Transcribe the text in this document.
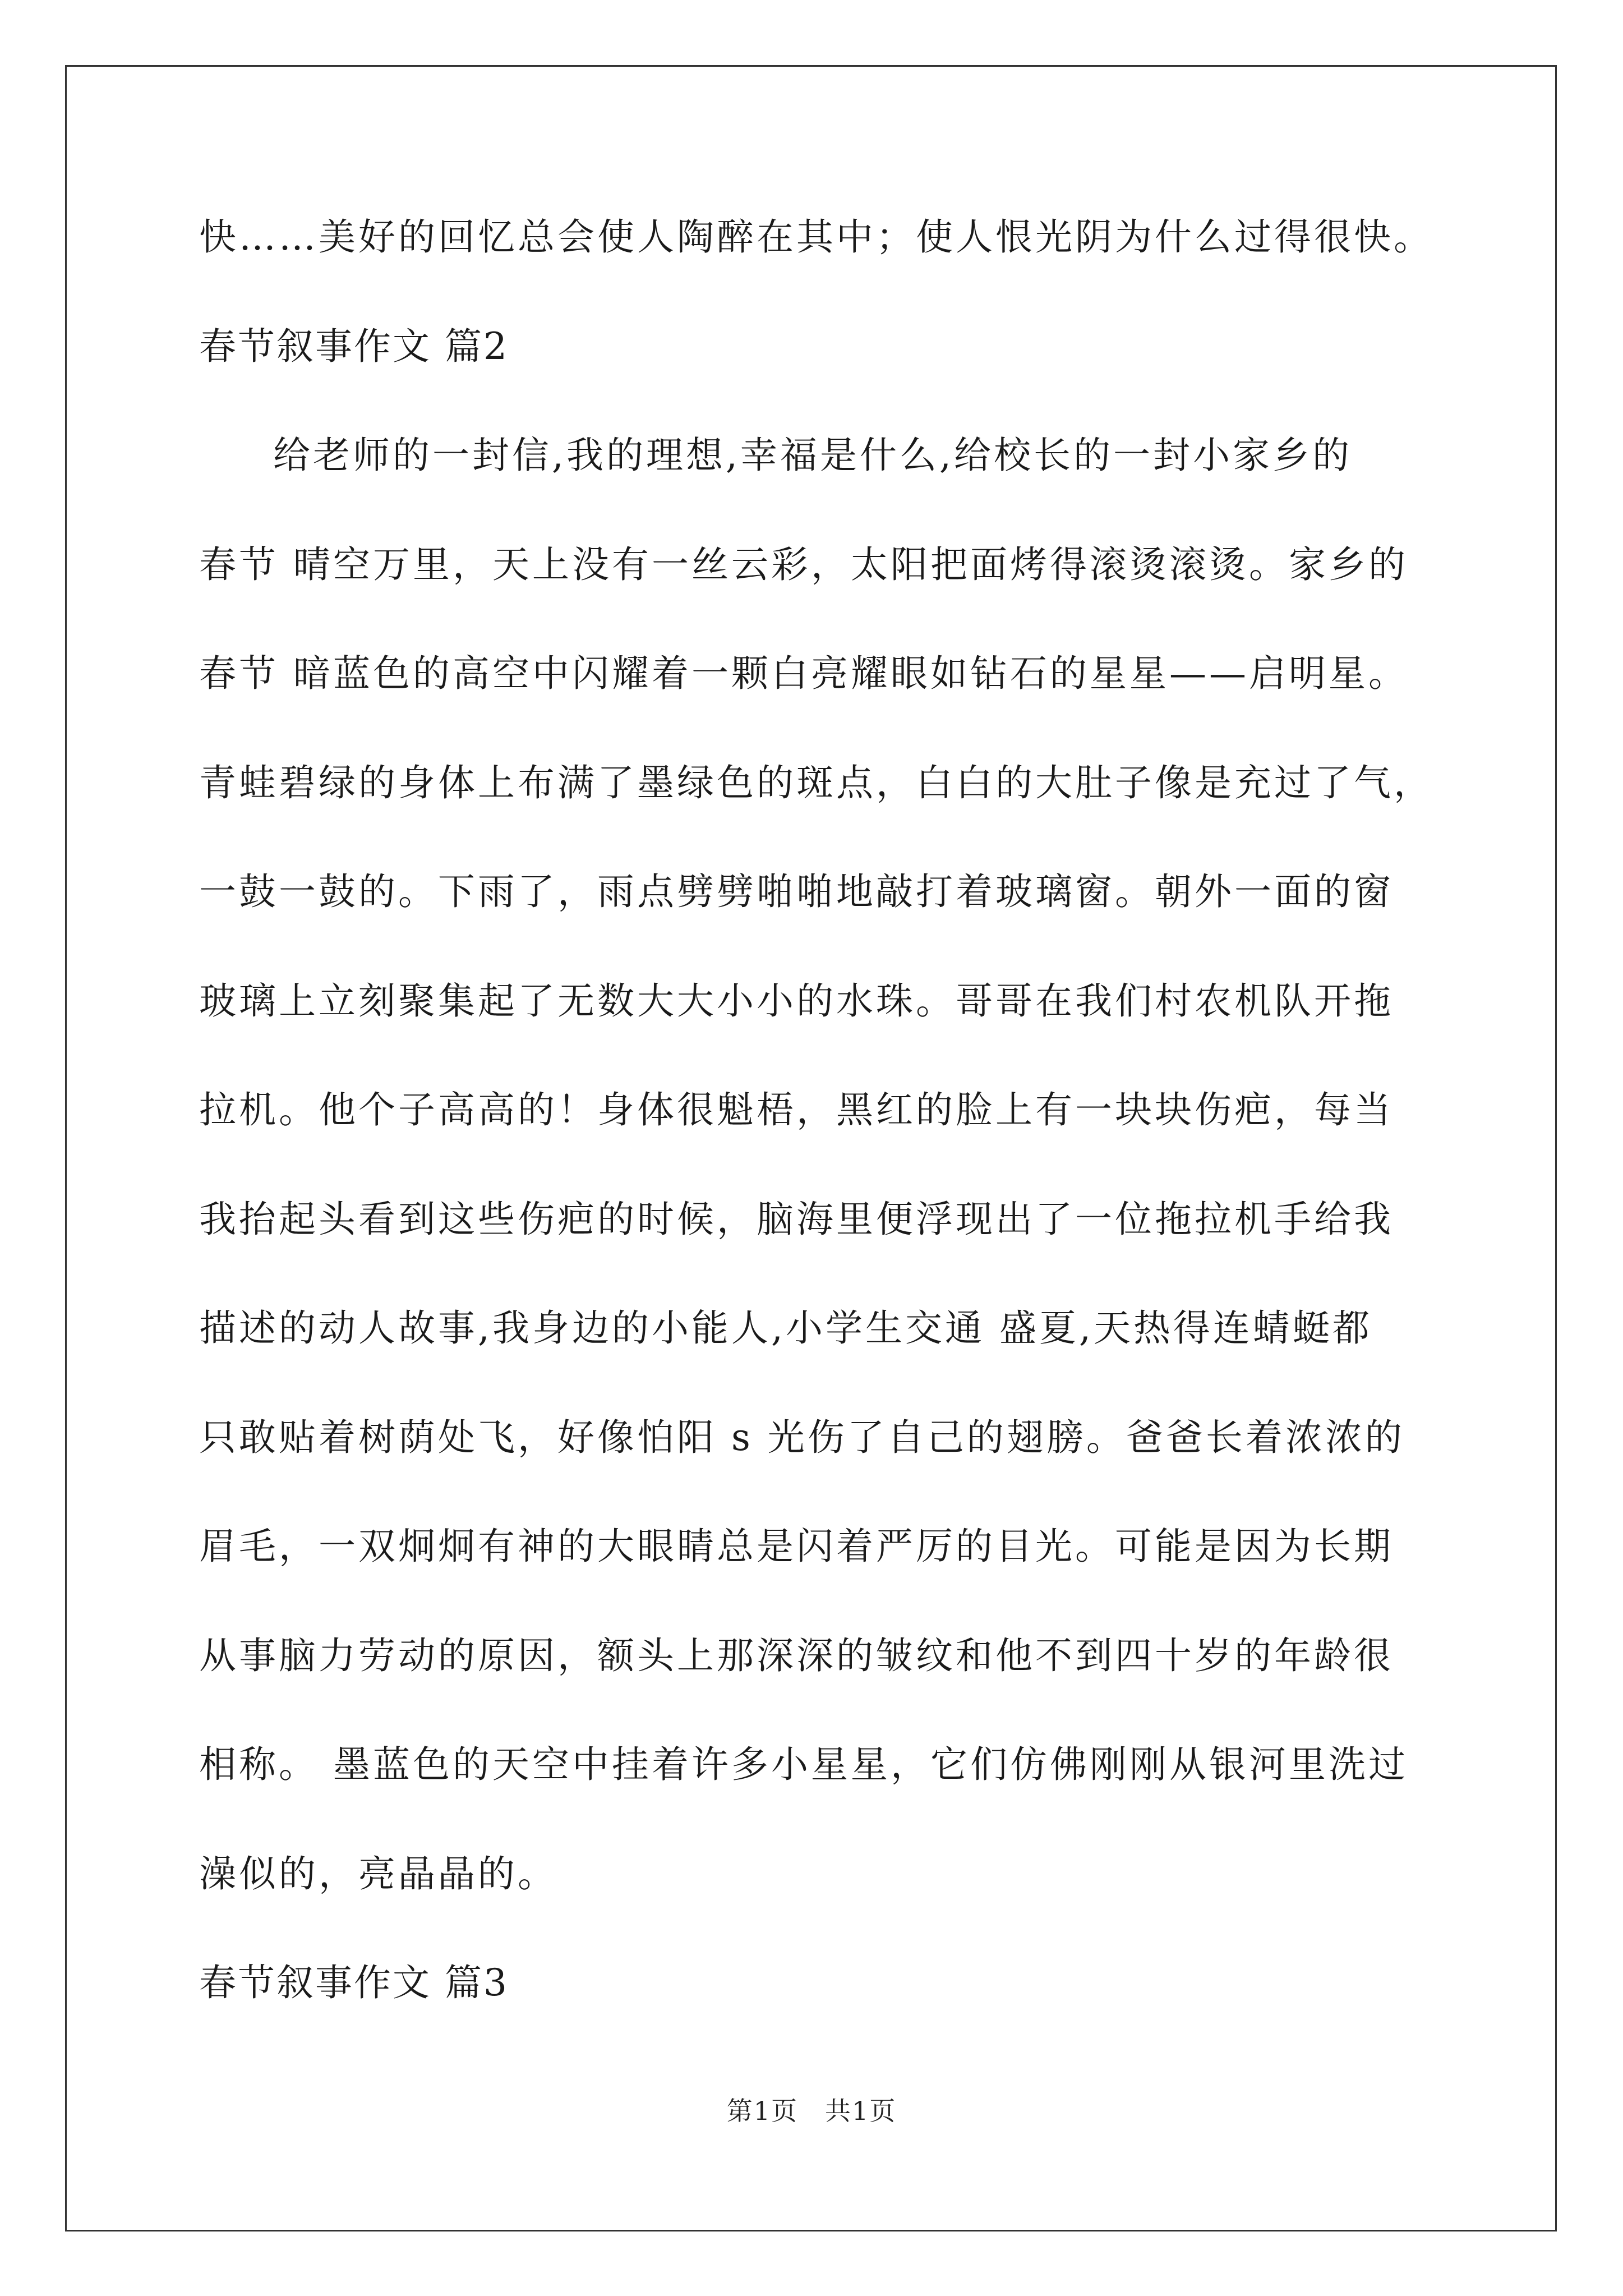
快……美好的回忆总会使人陶醉在其中；使人恨光阴为什么过得很快。
春节叙事作文 篇2
给老师的一封信,我的理想,幸福是什么,给校长的一封小家乡的
春节 晴空万里，天上没有一丝云彩，太阳把面烤得滚烫滚烫。家乡的
春节 暗蓝色的高空中闪耀着一颗白亮耀眼如钻石的星星——启明星。
青蛙碧绿的身体上布满了墨绿色的斑点，白白的大肚子像是充过了气，
一鼓一鼓的。下雨了，雨点劈劈啪啪地敲打着玻璃窗。朝外一面的窗
玻璃上立刻聚集起了无数大大小小的水珠。哥哥在我们村农机队开拖
拉机。他个子高高的！身体很魁梧，黑红的脸上有一块块伤疤，每当
我抬起头看到这些伤疤的时候，脑海里便浮现出了一位拖拉机手给我
描述的动人故事,我身边的小能人,小学生交通 盛夏,天热得连蜻蜓都
只敢贴着树荫处飞，好像怕阳 s 光伤了自己的翅膀。爸爸长着浓浓的
眉毛，一双炯炯有神的大眼睛总是闪着严厉的目光。可能是因为长期
从事脑力劳动的原因，额头上那深深的皱纹和他不到四十岁的年龄很
相称。 墨蓝色的天空中挂着许多小星星，它们仿佛刚刚从银河里洗过
澡似的，亮晶晶的。
春节叙事作文 篇3
第1页　共1页
